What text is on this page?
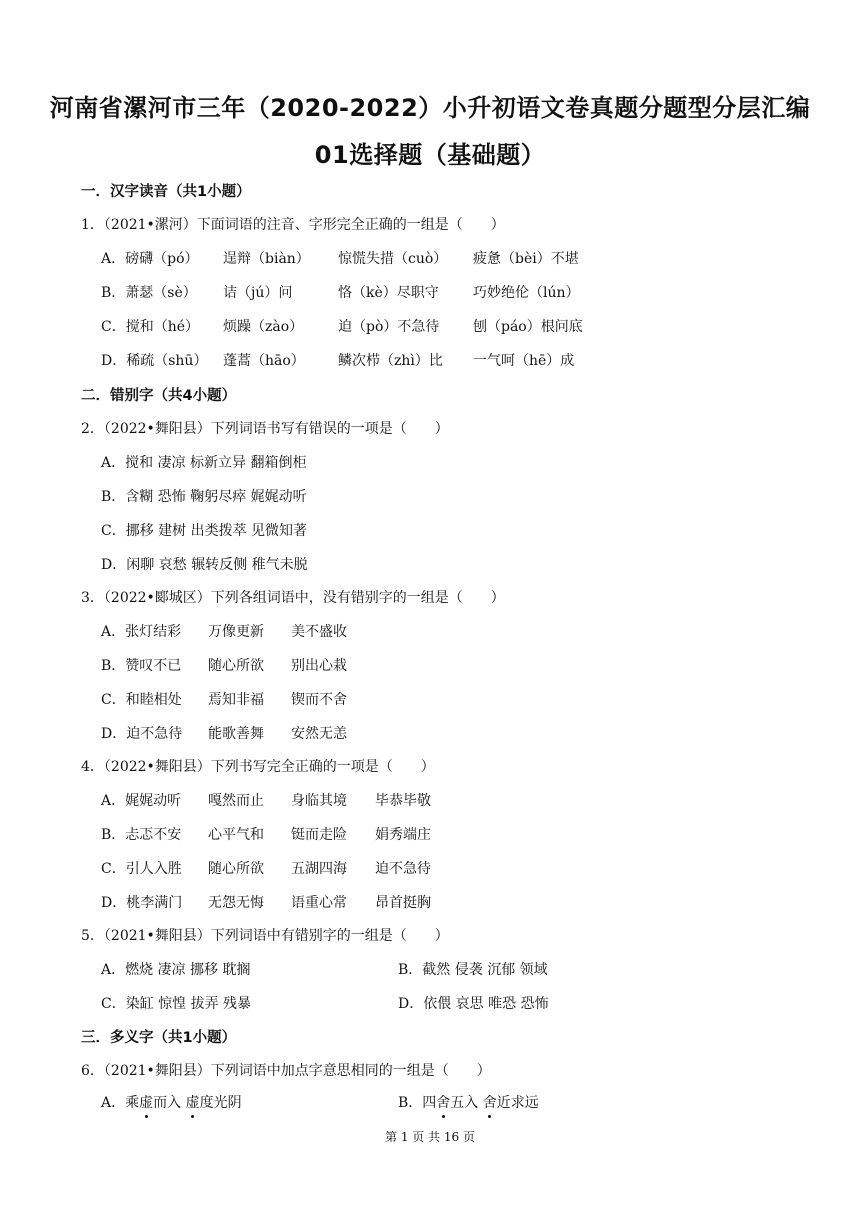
河南省漯河市三年（2020-2022）小升初语文卷真题分题型分层汇编
01选择题（基础题）
一．汉字读音（共1小题）
1．（2021•漯河）下面词语的注音、字形完全正确的一组是（　　）
A．磅礴（pó） 逞辩（biàn） 惊慌失措（cuò） 疲惫（bèi）不堪
B．萧瑟（sè） 诘（jú）问	恪（kè）尽职守 巧妙绝伦（lún）
C．搅和（hé） 烦躁（zào） 迫（pò）不急待 刨（páo）根问底
D．稀疏（shū） 蓬蒿（hāo） 鳞次栉（zhì）比 一气呵（hē）成
二．错别字（共4小题）
2．（2022•舞阳县）下列词语书写有错误的一项是（　　）
A．搅和 凄凉 标新立异 翻箱倒柜
B．含糊 恐怖 鞠躬尽瘁 娓娓动听
C．挪移 建树 出类拨萃 见微知著
D．闲聊 哀愁 辗转反侧 稚气未脱
3．（2022•郾城区）下列各组词语中，没有错别字的一组是（　　）
A．张灯结彩 万像更新 美不盛收
B．赞叹不已 随心所欲 别出心栽
C．和睦相处 焉知非福 锲而不舍
D．迫不急待 能歌善舞 安然无恙
4．（2022•舞阳县）下列书写完全正确的一项是（　　）
A．娓娓动听 嘎然而止 身临其境 毕恭毕敬
B．忐忑不安 心平气和 铤而走险 娟秀端庄
C．引人入胜 随心所欲 五湖四海 迫不急待
D．桃李满门 无怨无悔 语重心常 昂首挺胸
5．（2021•舞阳县）下列词语中有错别字的一组是（　　）
A．燃烧 凄凉 挪移 耽搁	B．截然 侵袭 沉郁 领域
C．染缸 惊惶 拔弄 残暴	D．依偎 哀思 唯恐 恐怖
三．多义字（共1小题）
6．（2021•舞阳县）下列词语中加点字意思相同的一组是（　　）
A．乘虚而入 虚度光阴	B．四舍五入 舍近求远
第 1 页 共 16 页
